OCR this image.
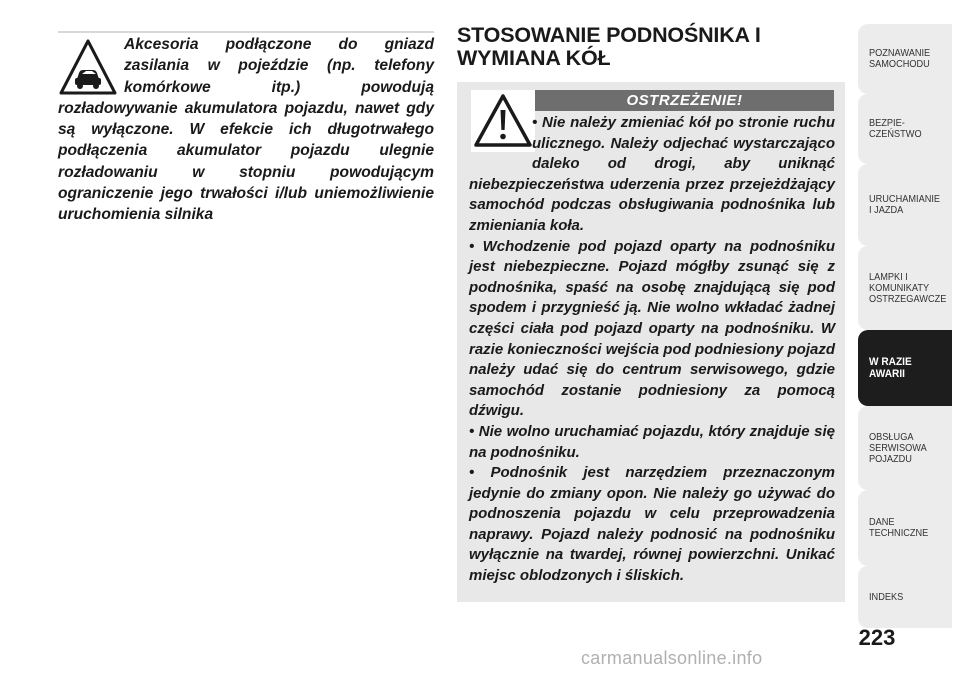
Akcesoria podłączone do gniazd zasilania w pojeździe (np. telefony komórkowe itp.) powodują rozładowywanie akumulatora pojazdu, nawet gdy są wyłączone. W efekcie ich długotrwałego podłączenia akumulator pojazdu ulegnie rozładowaniu w stopniu powodującym ograniczenie jego trwałości i/lub uniemożliwienie uruchomienia silnika

STOSOWANIE PODNOŚNIKA I WYMIANA KÓŁ
OSTRZEŻENIE!

• Nie należy zmieniać kół po stronie ruchu ulicznego. Należy odjechać wystarczająco daleko od drogi, aby uniknąć niebezpieczeństwa uderzenia przez przejeżdżający samochód podczas obsługiwania podnośnika lub zmieniania koła.

• Wchodzenie pod pojazd oparty na podnośniku jest niebezpieczne. Pojazd mógłby zsunąć się z podnośnika, spaść na osobę znajdującą się pod spodem i przygnieść ją. Nie wolno wkładać żadnej części ciała pod pojazd oparty na podnośniku. W razie konieczności wejścia pod podniesiony pojazd należy udać się do centrum serwisowego, gdzie samochód zostanie podniesiony za pomocą dźwigu.

• Nie wolno uruchamiać pojazdu, który znajduje się na podnośniku.

• Podnośnik jest narzędziem przeznaczonym jedynie do zmiany opon. Nie należy go używać do podnoszenia pojazdu w celu przeprowadzenia naprawy. Pojazd należy podnosić na podnośniku wyłącznie na twardej, równej powierzchni. Unikać miejsc oblodzonych i śliskich.

POZNAWANIE
SAMOCHODU
BEZPIE-
CZEŃSTWO
URUCHAMIANIE
I JAZDA
LAMPKI I
KOMUNIKATY
OSTRZEGAWCZE
W RAZIE
AWARII
OBSŁUGA
SERWISOWA
POJAZDU
DANE
TECHNICZNE
INDEKS
223
carmanualsonline.info
